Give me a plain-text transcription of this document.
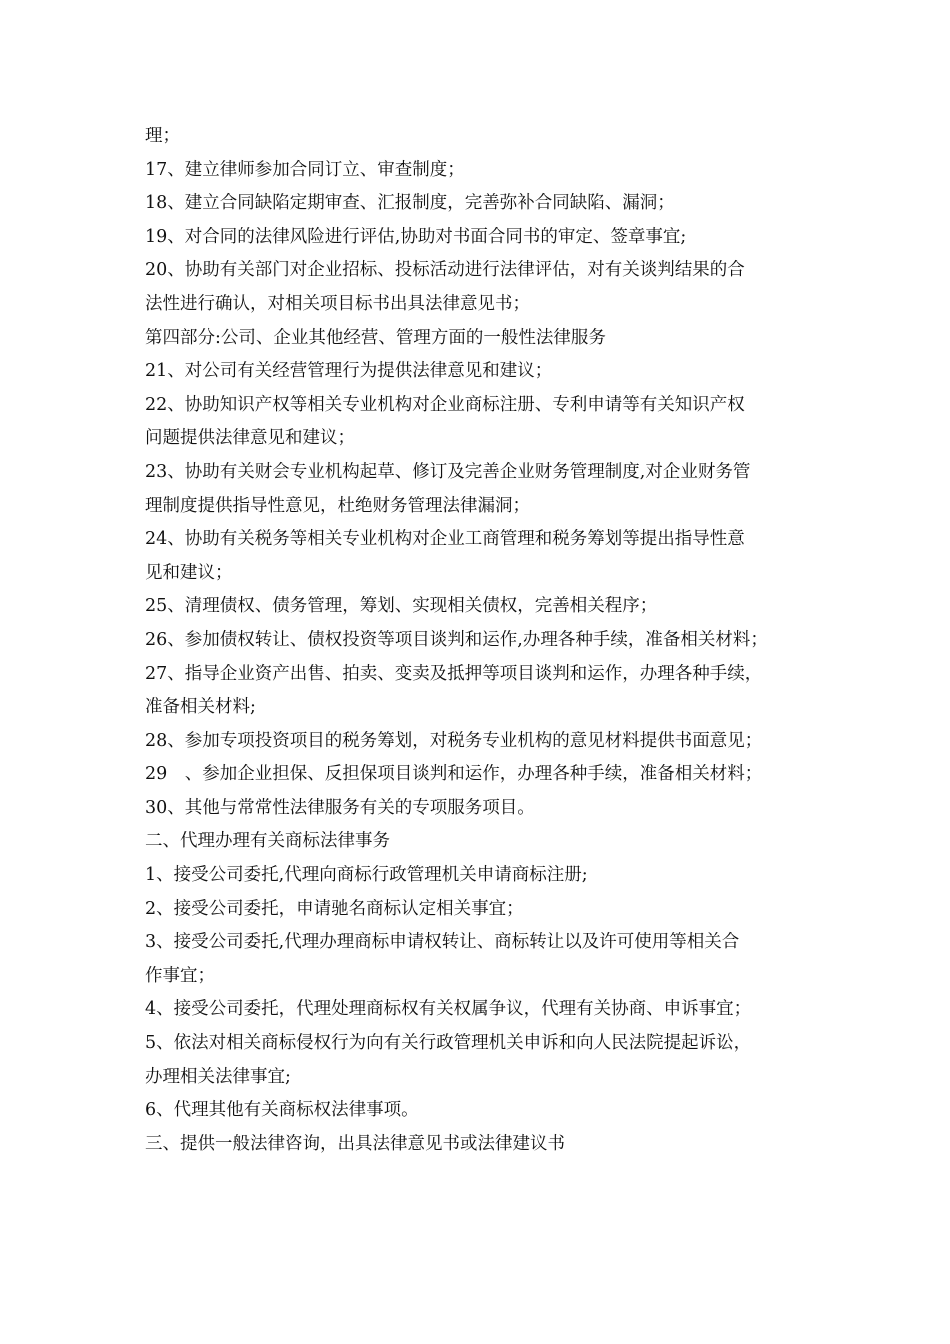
理；
17、建立律师参加合同订立、审查制度；
18、建立合同缺陷定期审查、汇报制度，完善弥补合同缺陷、漏洞；
19、对合同的法律风险进行评估,协助对书面合同书的审定、签章事宜;
20、协助有关部门对企业招标、投标活动进行法律评估，对有关谈判结果的合
法性进行确认，对相关项目标书出具法律意见书；
第四部分:公司、企业其他经营、管理方面的一般性法律服务
21、对公司有关经营管理行为提供法律意见和建议；
22、协助知识产权等相关专业机构对企业商标注册、专利申请等有关知识产权
问题提供法律意见和建议；
23、协助有关财会专业机构起草、修订及完善企业财务管理制度,对企业财务管
理制度提供指导性意见，杜绝财务管理法律漏洞；
24、协助有关税务等相关专业机构对企业工商管理和税务筹划等提出指导性意
见和建议；
25、清理债权、债务管理，筹划、实现相关债权，完善相关程序；
26、参加债权转让、债权投资等项目谈判和运作,办理各种手续，准备相关材料；
27、指导企业资产出售、拍卖、变卖及抵押等项目谈判和运作，办理各种手续，
准备相关材料;
28、参加专项投资项目的税务筹划，对税务专业机构的意见材料提供书面意见；
29　、参加企业担保、反担保项目谈判和运作，办理各种手续，准备相关材料；
30、其他与常常性法律服务有关的专项服务项目。
二、代理办理有关商标法律事务
1、接受公司委托,代理向商标行政管理机关申请商标注册;
2、接受公司委托，申请驰名商标认定相关事宜；
3、接受公司委托,代理办理商标申请权转让、商标转让以及许可使用等相关合
作事宜；
4、接受公司委托，代理处理商标权有关权属争议，代理有关协商、申诉事宜；
5、依法对相关商标侵权行为向有关行政管理机关申诉和向人民法院提起诉讼，
办理相关法律事宜;
6、代理其他有关商标权法律事项。
三、提供一般法律咨询，出具法律意见书或法律建议书
